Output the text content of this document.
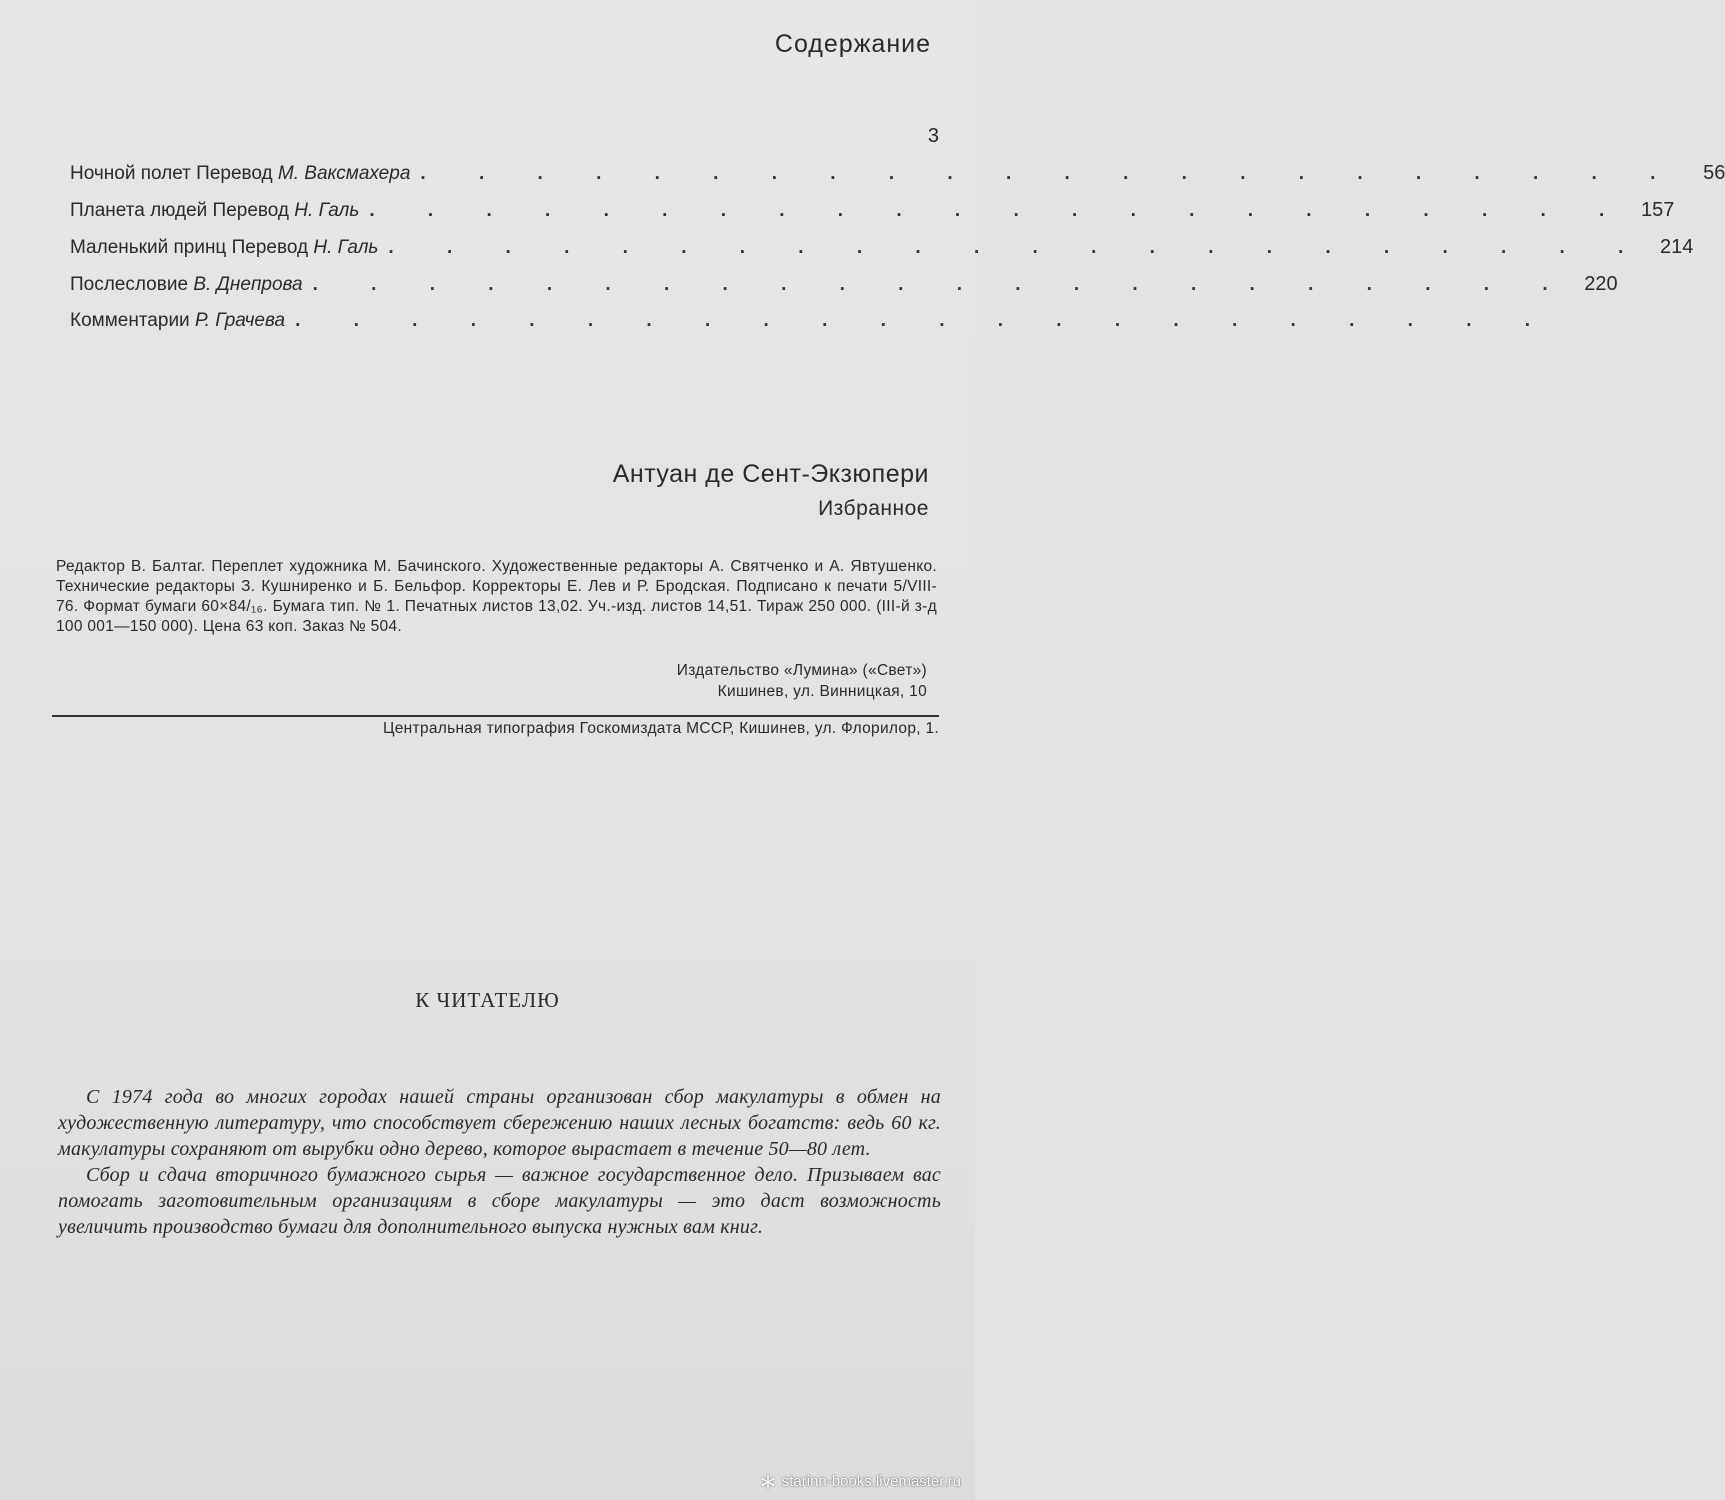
Содержание
3
Ночной полет Перевод М. Ваксмахера . . . . . . . . . . . . . . . . . . . . . .	56
Планета людей Перевод Н. Галь . . . . . . . . . . . . . . . . . . . . . . 157
Маленький принц Перевод Н. Галь . . . . . . . . . . . . . . . . . . . . . . 214
Послесловие В. Днепрова . . . . . . . . . . . . . . . . . . . . . . 220
Комментарии Р. Грачева . . . . . . . . . . . . . . . . . . . . . .
Антуан де Сент-Экзюпери
Избранное

Редактор В. Балтаг. Переплет художника М. Бачинского. Художественные редакторы А. Святченко и А. Явтушенко. Технические редакторы З. Кушниренко и Б. Бельфор. Корректоры Е. Лев и Р. Бродская. Подписано к печати 5/VIII-76. Формат бумаги 60×84/₁₆. Бумага тип. № 1. Печатных листов 13,02. Уч.-изд. листов 14,51. Тираж 250 000. (III-й з-д 100 001—150 000). Цена 63 коп. Заказ № 504.

Издательство «Лумина» («Свет»)
Кишинев, ул. Винницкая, 10
Центральная типография Госкомиздата МССР, Кишинев, ул. Флорилор, 1.
К ЧИТАТЕЛЮ

С 1974 года во многих городах нашей страны организован сбор макулатуры в обмен на художественную литературу, что способствует сбережению наших лесных богатств: ведь 60 кг. макулатуры сохраняют от вырубки одно дерево, которое вырастает в течение 50—80 лет.

Сбор и сдача вторичного бумажного сырья — важное государственное дело. Призываем вас помогать заготовительным организациям в сборе макулатуры — это даст возможность увеличить производство бумаги для дополнительного выпуска нужных вам книг.

starinn-books.livemaster.ru
